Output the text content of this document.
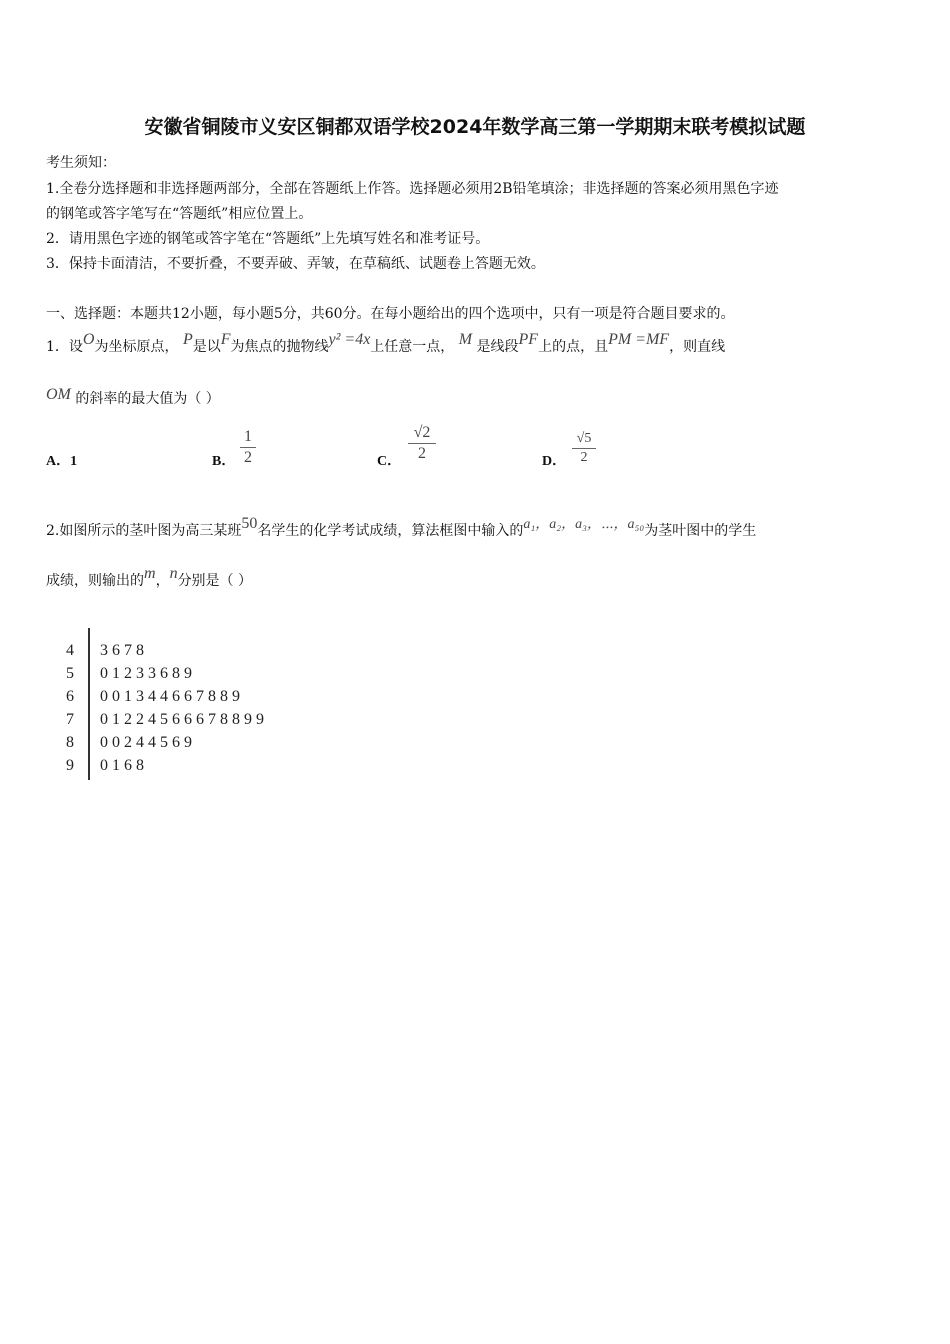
安徽省铜陵市义安区铜都双语学校2024年数学高三第一学期期末联考模拟试题
考生须知：
1.全卷分选择题和非选择题两部分，全部在答题纸上作答。选择题必须用2B铅笔填涂；非选择题的答案必须用黑色字迹
的钢笔或答字笔写在“答题纸”相应位置上。
2．请用黑色字迹的钢笔或答字笔在“答题纸”上先填写姓名和准考证号。
3．保持卡面清洁，不要折叠，不要弄破、弄皱，在草稿纸、试题卷上答题无效。
一、选择题：本题共12小题，每小题5分，共60分。在每小题给出的四个选项中，只有一项是符合题目要求的。
1．设O为坐标原点， P是以F为焦点的抛物线y² =4x上任意一点， M 是线段PF上的点，且PM =MF，则直线
OM 的斜率的最大值为（ ）
A．1	B．
1
2	C．
√2
2	D．
√5
2
2.如图所示的茎叶图为高三某班50名学生的化学考试成绩，算法框图中输入的a₁，a₂，a₃，⋯，a₅₀为茎叶图中的学生
成绩，则输出的m，n分别是（ ）
4 3 6 7 8
5 0 1 2 3 3 6 8 9
6 0 0 1 3 4 4 6 6 7 8 8 9
7 0 1 2 2 4 5 6 6 6 7 8 8 9 9
8 0 0 2 4 4 5 6 9
9 0 1 6 8
